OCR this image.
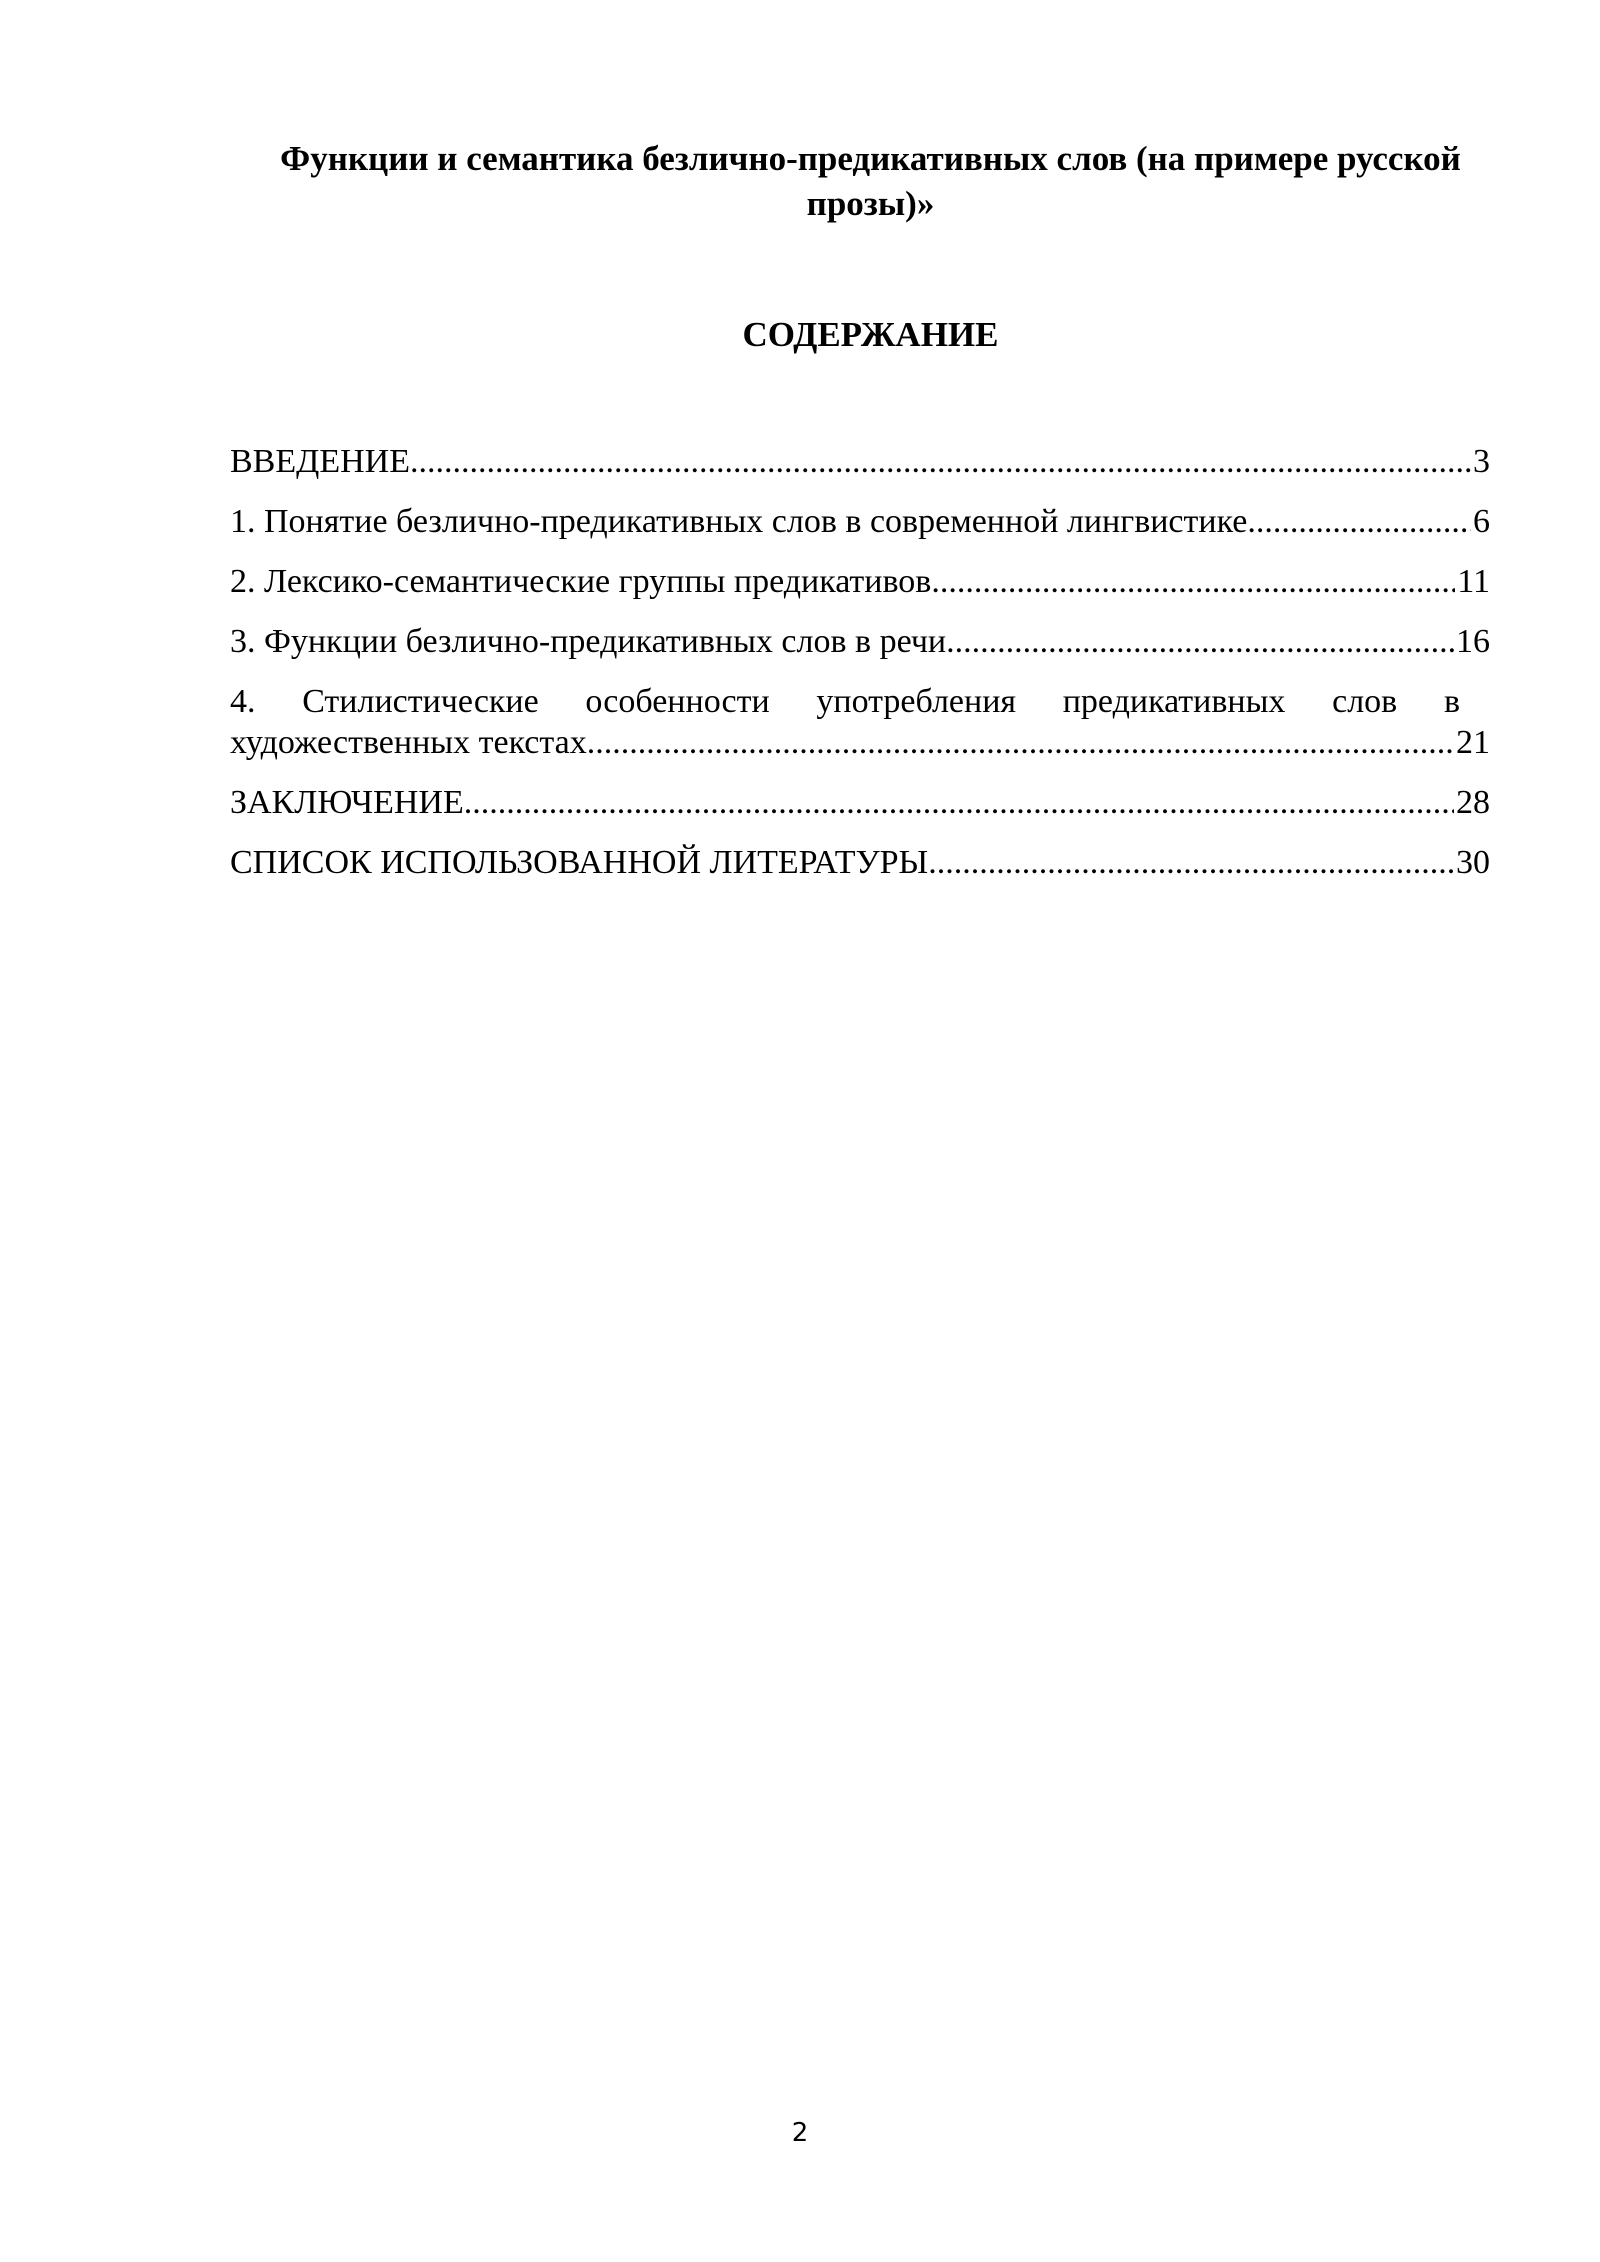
Функции и семантика безлично-предикативных слов (на примере русской прозы)»
СОДЕРЖАНИЕ
ВВЕДЕНИЕ .....	3
1. Понятие безлично-предикативных слов в современной лингвистике .....	6
2. Лексико-семантические группы предикативов .....	11
3. Функции безлично-предикативных слов в речи .....	16
4. Стилистические особенности употребления предикативных слов в
художественных текстах .....	21
ЗАКЛЮЧЕНИЕ .....	28
СПИСОК ИСПОЛЬЗОВАННОЙ ЛИТЕРАТУРЫ .....	30

2
